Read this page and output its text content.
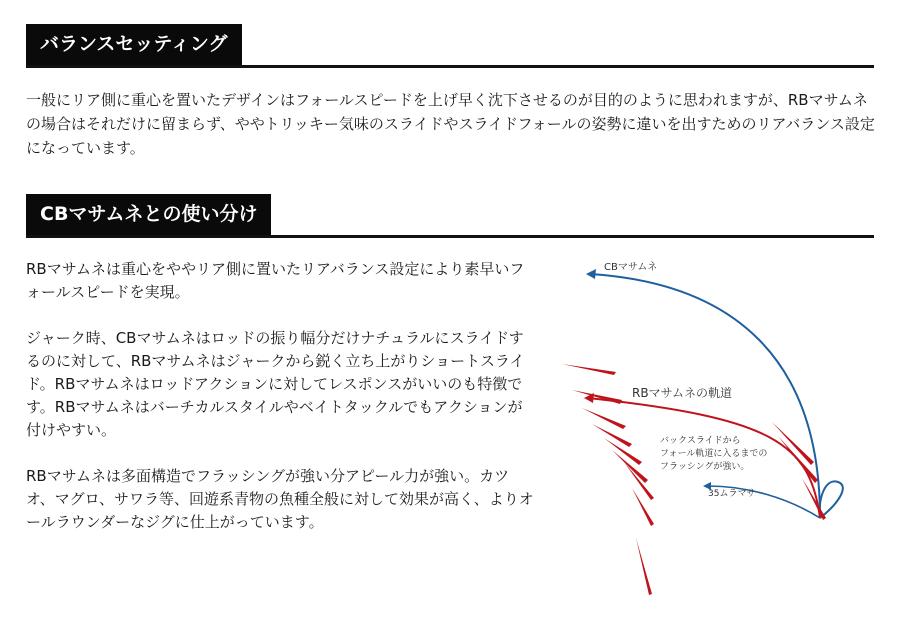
バランスセッティング

一般にリア側に重心を置いたデザインはフォールスピードを上げ早く沈下させるのが目的のように思われますが、RBマサムネの場合はそれだけに留まらず、ややトリッキー気味のスライドやスライドフォールの姿勢に違いを出すためのリアバランス設定になっています。

CBマサムネとの使い分け

RBマサムネは重心をややリア側に置いたリアバランス設定により素早いフォールスピードを実現。

ジャーク時、CBマサムネはロッドの振り幅分だけナチュラルにスライドするのに対して、RBマサムネはジャークから鋭く立ち上がりショートスライド。RBマサムネはロッドアクションに対してレスポンスがいいのも特徴です。RBマサムネはバーチカルスタイルやベイトタックルでもアクションが付けやすい。

RBマサムネは多面構造でフラッシングが強い分アピール力が強い。カツオ、マグロ、サワラ等、回遊系青物の魚種全般に対して効果が高く、よりオールラウンダーなジグに仕上がっています。

CBマサムネ
RBマサムネの軌道
バックスライドから
フォール軌道に入るまでの
フラッシングが強い。
35ムラマサ
